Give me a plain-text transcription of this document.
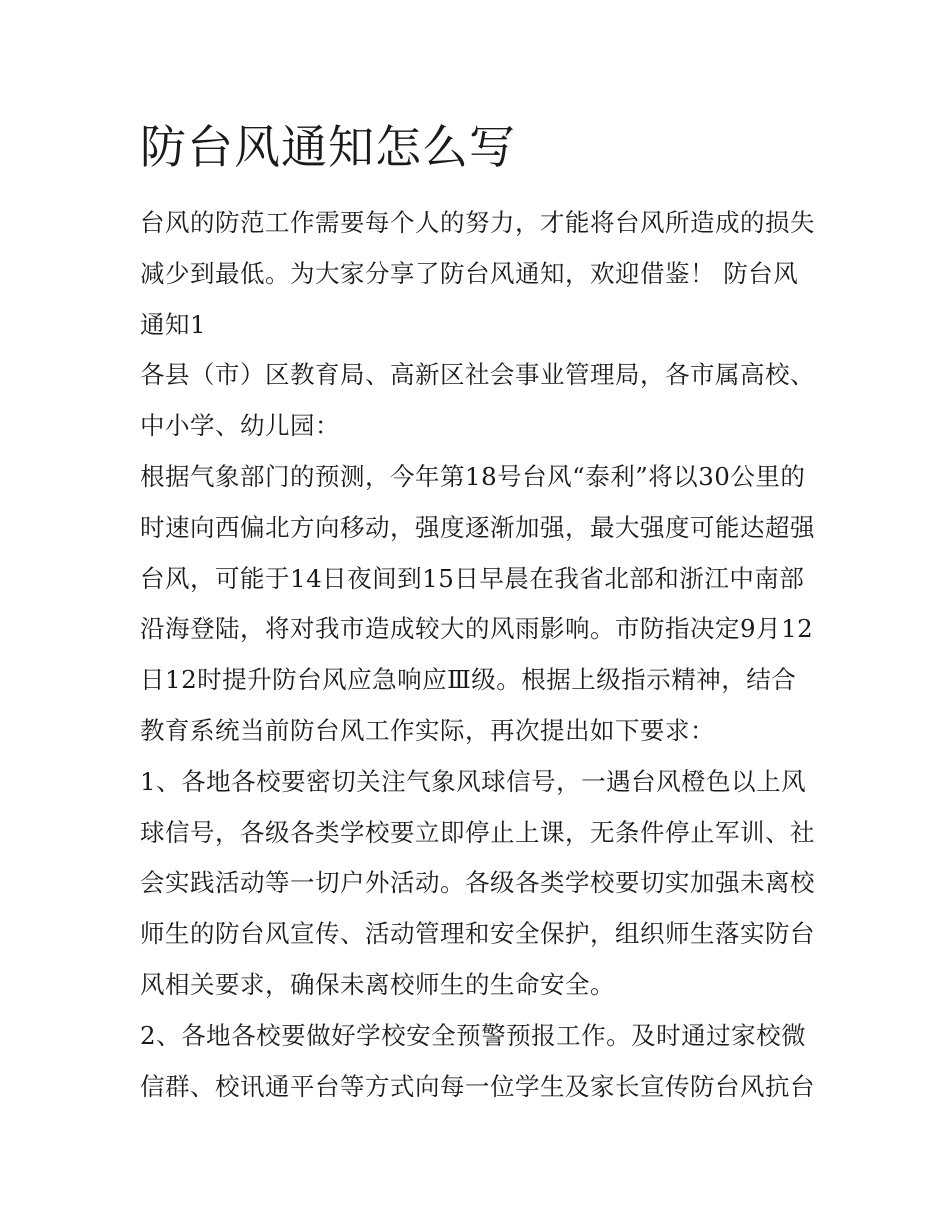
防台风通知怎么写

台风的防范工作需要每个人的努力，才能将台风所造成的损失减少到最低。为大家分享了防台风通知，欢迎借鉴！ 防台风通知1

各县（市）区教育局、高新区社会事业管理局，各市属高校、中小学、幼儿园：

根据气象部门的预测，今年第18号台风“泰利”将以30公里的时速向西偏北方向移动，强度逐渐加强，最大强度可能达超强台风，可能于14日夜间到15日早晨在我省北部和浙江中南部沿海登陆，将对我市造成较大的风雨影响。市防指决定9月12日12时提升防台风应急响应Ⅲ级。根据上级指示精神，结合教育系统当前防台风工作实际，再次提出如下要求：

1、各地各校要密切关注气象风球信号，一遇台风橙色以上风球信号，各级各类学校要立即停止上课，无条件停止军训、社会实践活动等一切户外活动。各级各类学校要切实加强未离校师生的防台风宣传、活动管理和安全保护，组织师生落实防台风相关要求，确保未离校师生的生命安全。

2、各地各校要做好学校安全预警预报工作。及时通过家校微信群、校讯通平台等方式向每一位学生及家长宣传防台风抗台
